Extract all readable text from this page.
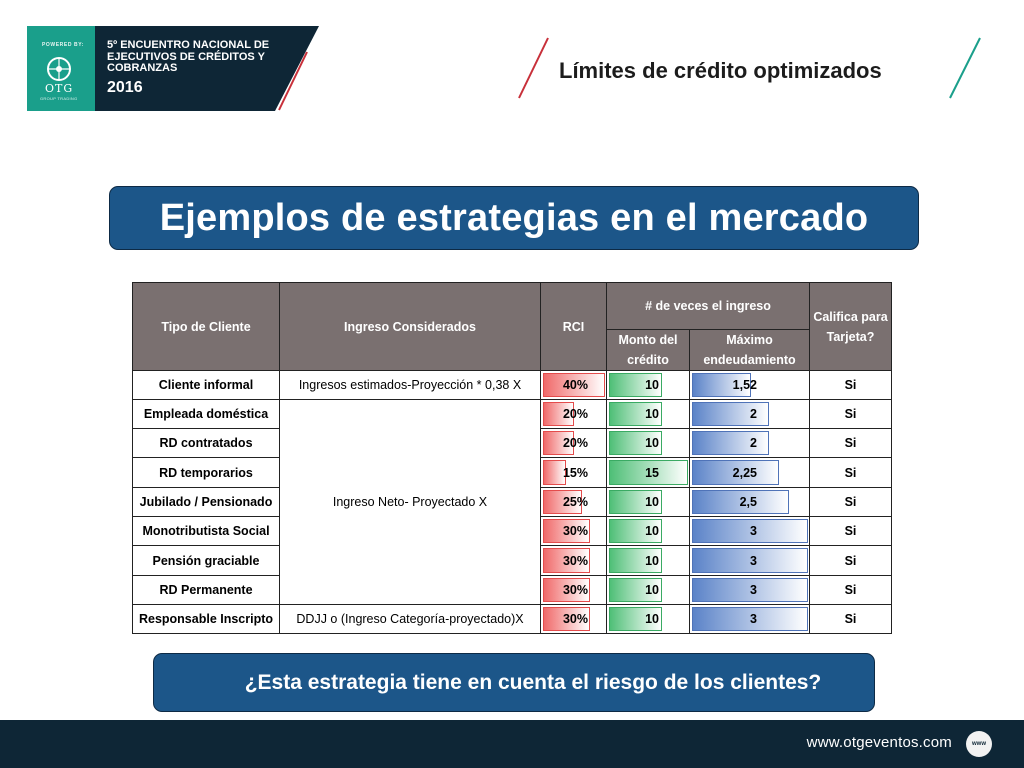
POWERED BY:
OTG
GROUP TRADING
5º ENCUENTRO NACIONAL DE EJECUTIVOS DE CRÉDITOS Y COBRANZAS
2016
Límites de crédito optimizados
Ejemplos de estrategias en el mercado
Tipo de Cliente	Ingreso Considerados	RCI	# de veces el ingreso		Califica para Tarjeta?
			Monto del crédito	Máximo endeudamiento	
Cliente informal	Ingresos estimados-Proyección * 0,38 X	40%	10	1,52	Si
Empleada doméstica	Ingreso Neto- Proyectado X	20%	10	2	Si
RD contratados		20%	10	2	Si
RD temporarios		15%	15	2,25	Si
Jubilado / Pensionado		25%	10	2,5	Si
Monotributista Social		30%	10	3	Si
Pensión graciable		30%	10	3	Si
RD Permanente		30%	10	3	Si
Responsable Inscripto	DDJJ o (Ingreso Categoría-proyectado)X	30%	10	3	Si
¿Esta estrategia tiene en cuenta el riesgo de los clientes?
www.otgeventos.com	www
